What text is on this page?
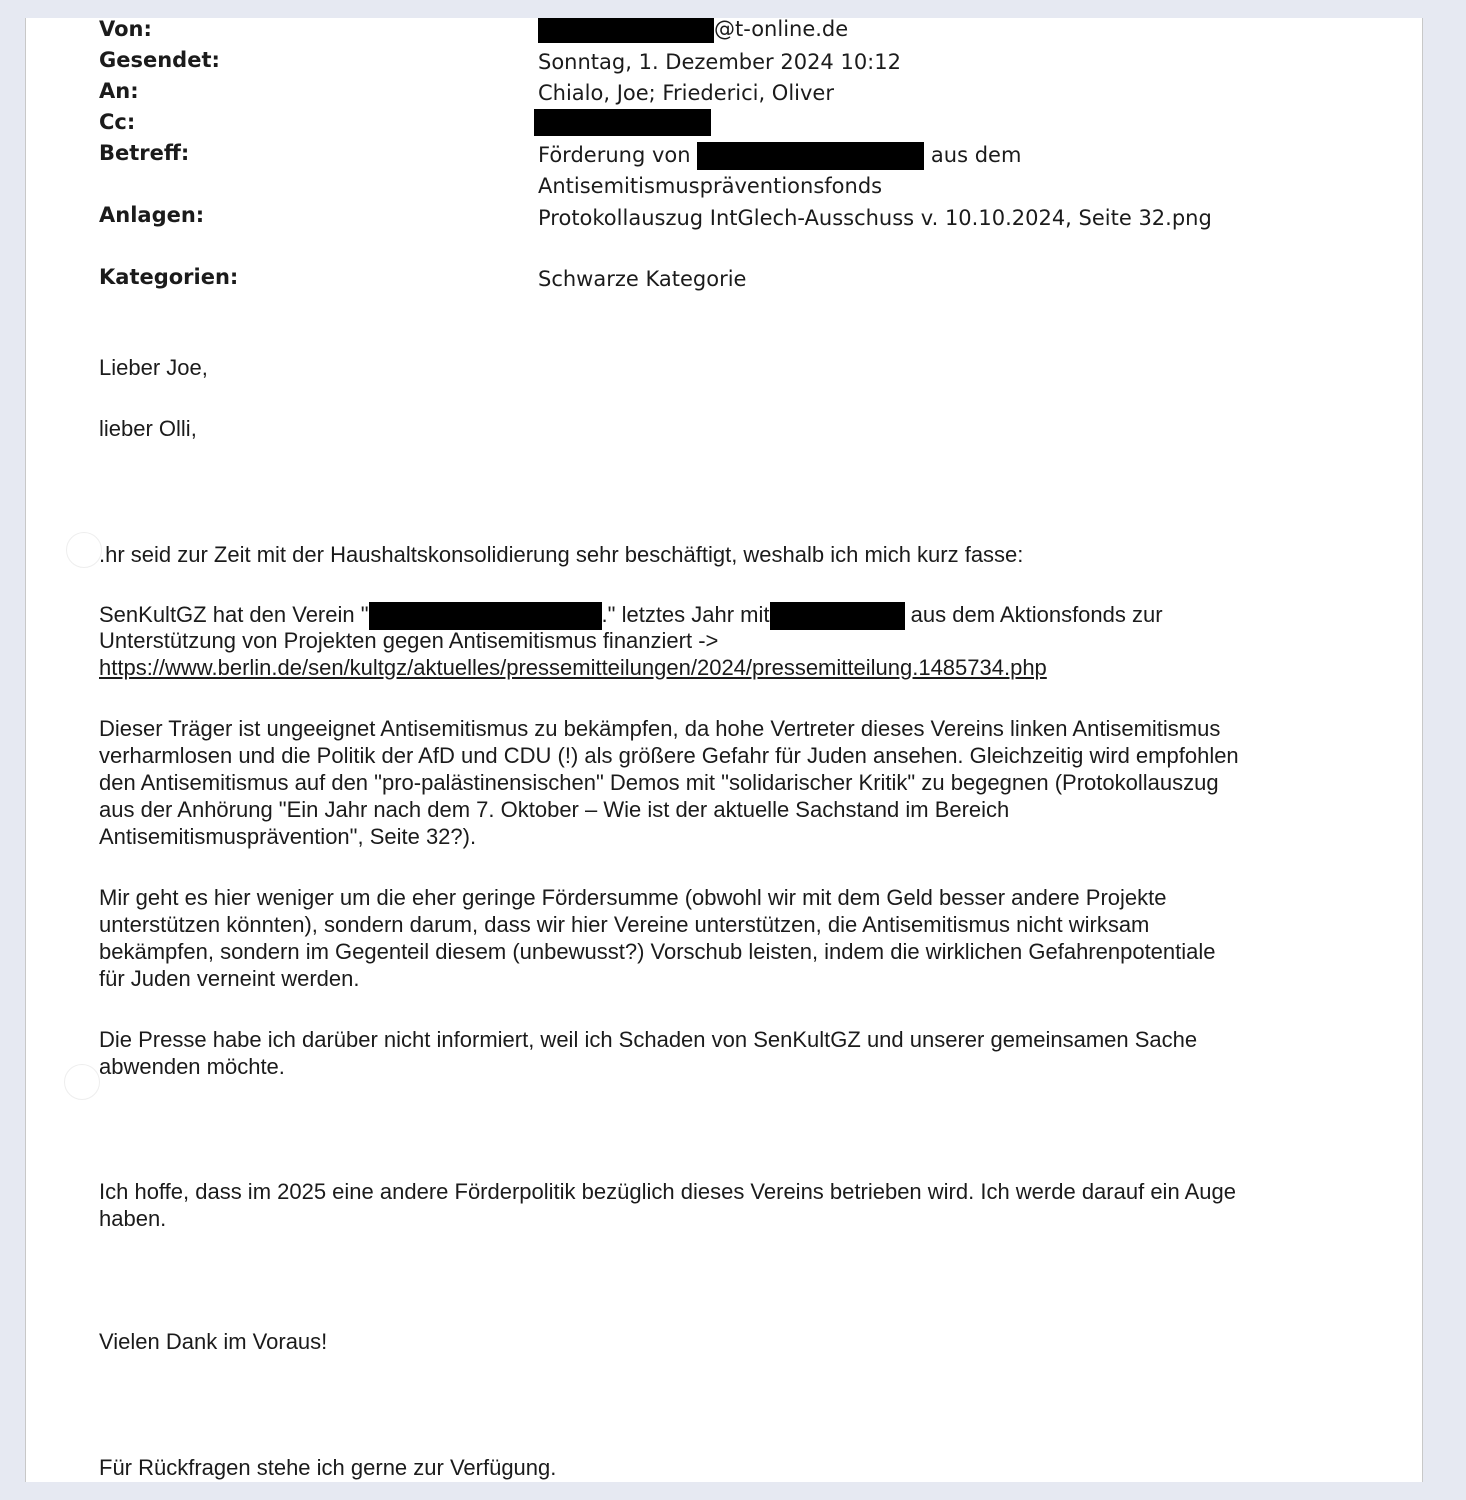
Von:	@t-online.de
Gesendet:	Sonntag, 1. Dezember 2024 10:12
An:	Chialo, Joe; Friederici, Oliver
Cc:
Betreff:	Förderung von	aus dem
Antisemitismuspräventionsfonds
Anlagen:	Protokollauszug IntGlech-Ausschuss v. 10.10.2024, Seite 32.png
Kategorien:	Schwarze Kategorie
Lieber Joe,
lieber Olli,
.hr seid zur Zeit mit der Haushaltskonsolidierung sehr beschäftigt, weshalb ich mich kurz fasse:
SenKultGZ hat den Verein "	." letztes Jahr mit	aus dem Aktionsfonds zur
Unterstützung von Projekten gegen Antisemitismus finanziert ->
https://www.berlin.de/sen/kultgz/aktuelles/pressemitteilungen/2024/pressemitteilung.1485734.php
Dieser Träger ist ungeeignet Antisemitismus zu bekämpfen, da hohe Vertreter dieses Vereins linken Antisemitismus
verharmlosen und die Politik der AfD und CDU (!) als größere Gefahr für Juden ansehen. Gleichzeitig wird empfohlen
den Antisemitismus auf den "pro-palästinensischen" Demos mit "solidarischer Kritik" zu begegnen (Protokollauszug
aus der Anhörung "Ein Jahr nach dem 7. Oktober – Wie ist der aktuelle Sachstand im Bereich
Antisemitismusprävention", Seite 32?).
Mir geht es hier weniger um die eher geringe Fördersumme (obwohl wir mit dem Geld besser andere Projekte
unterstützen könnten), sondern darum, dass wir hier Vereine unterstützen, die Antisemitismus nicht wirksam
bekämpfen, sondern im Gegenteil diesem (unbewusst?) Vorschub leisten, indem die wirklichen Gefahrenpotentiale
für Juden verneint werden.
Die Presse habe ich darüber nicht informiert, weil ich Schaden von SenKultGZ und unserer gemeinsamen Sache
abwenden möchte.
Ich hoffe, dass im 2025 eine andere Förderpolitik bezüglich dieses Vereins betrieben wird. Ich werde darauf ein Auge
haben.
Vielen Dank im Voraus!
Für Rückfragen stehe ich gerne zur Verfügung.
